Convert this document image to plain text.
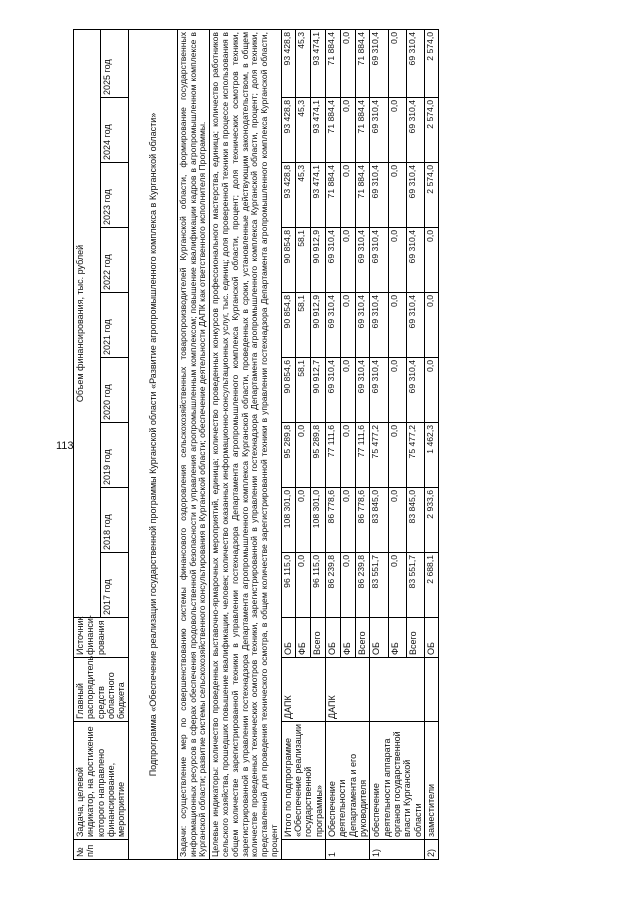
113
№ п/п	Задача, целевой индикатор, на достижение которого направлено финансирование, мероприятие	Главный распорядитель средств областного бюджета	Источник финанси-рования	Объем финансирования, тыс. рублей								
				2017 год	2018 год	2019 год	2020 год	2021 год	2022 год	2023 год	2024 год	2025 год
Подпрограмма «Обеспечение реализации государственной программы Курганской области «Развитие агропромышленного комплекса в Курганской области»												
Задачи: осуществление мер по совершенствованию системы финансового оздоровления сельскохозяйственных товаропроизводителей Курганской области, формирование государственных информационных ресурсов в сферах обеспечения продовольственной безопасности и управления агропромышленным комплексом; повышение квалификации кадров в агропромышленном комплексе в Курганской области; развитие системы сельскохозяйственного консультирования в Курганской области; обеспечение деятельности ДАПК как ответственного исполнителя Программы.												
Целевые индикаторы: количество проведенных выставочно-ярмарочных мероприятий, единица; количество проведенных конкурсов профессионального мастерства, единица; количество работников сельского хозяйства, прошедших повышение квалификации, человек; количество оказанных информационно-консультационных услуг, тыс. единиц; доля проверенной техники в процессе использования в общем количестве зарегистрированной техники в управлении гостехнадзора Департамента агропромышленного комплекса Курганской области, процент; доля технических осмотров техники, зарегистрированной в управлении гостехнадзора Департамента агропромышленного комплекса Курганской области, проведенных в сроки, установленные действующим законодательством, в общем количестве проведенных технических осмотров техники, зарегистрированной в управлении гостехнадзора Департамента агропромышленного комплекса Курганской области, процент; доля техники, представленной для проведения технического осмотра, в общем количестве зарегистрированной техники в управлении гостехнадзора Департамента агропромышленного комплекса Курганской области, процент												
	Итого по подпрограмме «Обеспечение реализации государственной программы»	ДАПК	ОБ	96 115,0	108 301,0	95 289,8	90 854,6	90 854,8	90 854,8	93 428,8	93 428,8	93 428,8
			ФБ	0,0	0,0	0,0	58,1	58,1	58,1	45,3	45,3	45,3
			Всего	96 115,0	108 301,0	95 289,8	90 912,7	90 912,9	90 912,9	93 474,1	93 474,1	93 474,1
1	Обеспечение деятельности Департамента и его руководителя	ДАПК	ОБ	86 239,8	86 778,6	77 111,6	69 310,4	69 310,4	69 310,4	71 884,4	71 884,4	71 884,4
			ФБ	0,0	0,0	0,0	0,0	0,0	0,0	0,0	0,0	0,0
			Всего	86 239,8	86 778,6	77 111,6	69 310,4	69 310,4	69 310,4	71 884,4	71 884,4	71 884,4
1)	обеспечение деятельности аппарата органов государственной власти Курганской области		ОБ	83 551,7	83 845,0	75 477,2	69 310,4	69 310,4	69 310,4	69 310,4	69 310,4	69 310,4
			ФБ	0,0	0,0	0,0	0,0	0,0	0,0	0,0	0,0	0,0
			Всего	83 551,7	83 845,0	75 477,2	69 310,4	69 310,4	69 310,4	69 310,4	69 310,4	69 310,4
2)	заместители		ОБ	2 688,1	2 933,6	1 462,3	0,0	0,0	0,0	2 574,0	2 574,0	2 574,0
